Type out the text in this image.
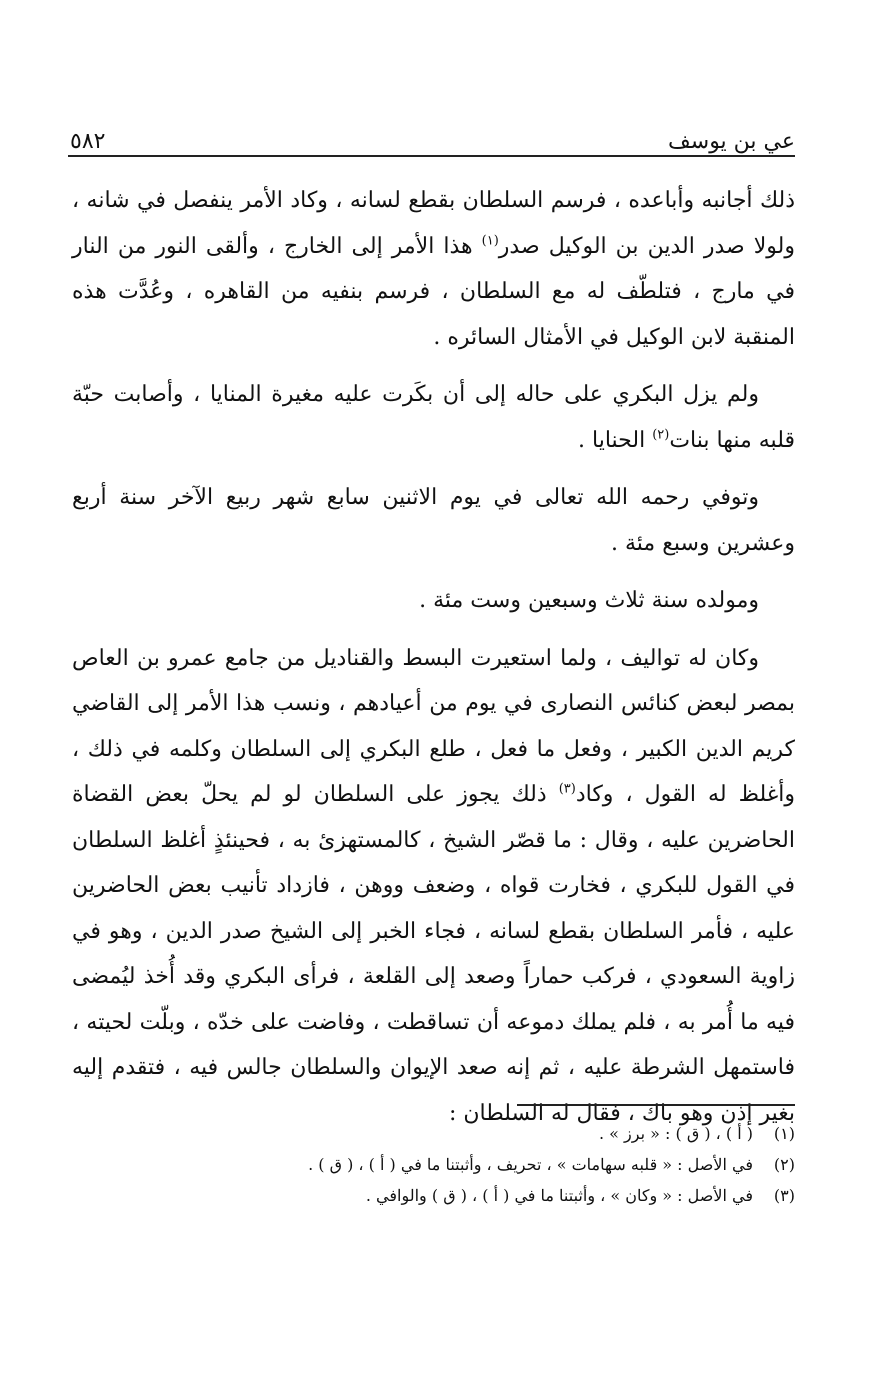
عي بن يوسف
٥٨٢

ذلك أجانبه وأباعده ، فرسم السلطان بقطع لسانه ، وكاد الأمر ينفصل في شانه ، ولولا صدر الدين بن الوكيل صدر$^{(١)}$ هذا الأمر إلى الخارج ، وألقى النور من النار في مارج ، فتلطّف له مع السلطان ، فرسم بنفيه من القاهره ، وعُدَّت هذه المنقبة لابن الوكيل في الأمثال السائره .

ولم يزل البكري على حاله إلى أن بكَرت عليه مغيرة المنايا ، وأصابت حبّة قلبه منها بنات$^{(٢)}$ الحنايا .

وتوفي رحمه الله تعالى في يوم الاثنين سابع شهر ربيع الآخر سنة أربع وعشرين وسبع مئة .

ومولده سنة ثلاث وسبعين وست مئة .

وكان له تواليف ، ولما استعيرت البسط والقناديل من جامع عمرو بن العاص بمصر لبعض كنائس النصارى في يوم من أعيادهم ، ونسب هذا الأمر إلى القاضي كريم الدين الكبير ، وفعل ما فعل ، طلع البكري إلى السلطان وكلمه في ذلك ، وأغلظ له القول ، وكاد$^{(٣)}$ ذلك يجوز على السلطان لو لم يحلّ بعض القضاة الحاضرين عليه ، وقال : ما قصّر الشيخ ، كالمستهزئ به ، فحينئذٍ أغلظ السلطان في القول للبكري ، فخارت قواه ، وضعف ووهن ، فازداد تأنيب بعض الحاضرين عليه ، فأمر السلطان بقطع لسانه ، فجاء الخبر إلى الشيخ صدر الدين ، وهو في زاوية السعودي ، فركب حماراً وصعد إلى القلعة ، فرأى البكري وقد أُخذ ليُمضى فيه ما أُمر به ، فلم يملك دموعه أن تساقطت ، وفاضت على خدّه ، وبلّت لحيته ، فاستمهل الشرطة عليه ، ثم إنه صعد الإيوان والسلطان جالس فيه ، فتقدم إليه بغير إذن وهو باك ، فقال له السلطان :

(١)
( أ ) ، ( ق ) : « برز » .
(٢)
في الأصل : « قلبه سهامات » ، تحريف ، وأثبتنا ما في ( أ ) ، ( ق ) .
(٣)
في الأصل : « وكان » ، وأثبتنا ما في ( أ ) ، ( ق ) والوافي .
